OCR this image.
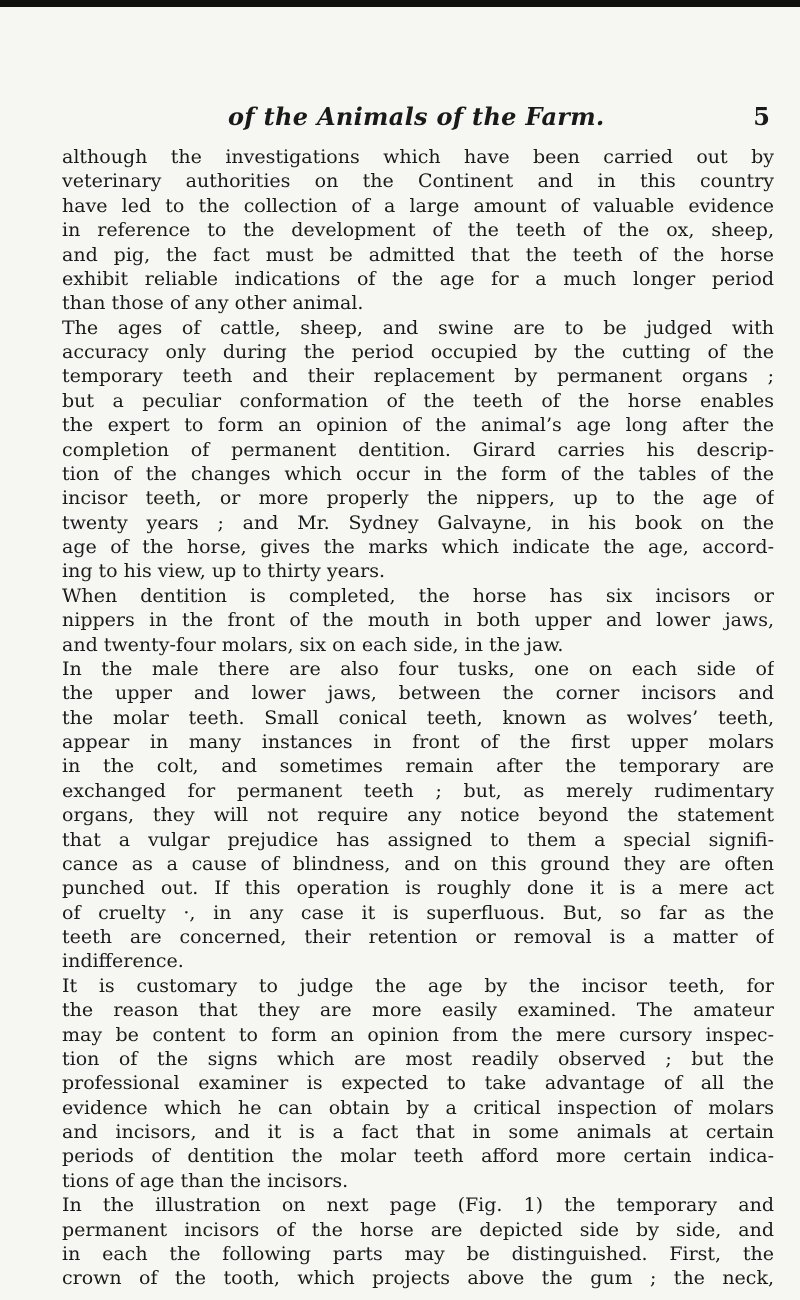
of the Animals of the Farm.	5
although the investigations which have been carried out by
veterinary authorities on the Continent and in this country
have led to the collection of a large amount of valuable evidence
in reference to the development of the teeth of the ox, sheep,
and pig, the fact must be admitted that the teeth of the horse
exhibit reliable indications of the age for a much longer period
than those of any other animal.
The ages of cattle, sheep, and swine are to be judged with
accuracy only during the period occupied by the cutting of the
temporary teeth and their replacement by permanent organs ;
but a peculiar conformation of the teeth of the horse enables
the expert to form an opinion of the animal’s age long after the
completion of permanent dentition. Girard carries his descrip-
tion of the changes which occur in the form of the tables of the
incisor teeth, or more properly the nippers, up to the age of
twenty years ; and Mr. Sydney Galvayne, in his book on the
age of the horse, gives the marks which indicate the age, accord-
ing to his view, up to thirty years.
When dentition is completed, the horse has six incisors or
nippers in the front of the mouth in both upper and lower jaws,
and twenty-four molars, six on each side, in the jaw.
In the male there are also four tusks, one on each side of
the upper and lower jaws, between the corner incisors and
the molar teeth. Small conical teeth, known as wolves’ teeth,
appear in many instances in front of the first upper molars
in the colt, and sometimes remain after the temporary are
exchanged for permanent teeth ; but, as merely rudimentary
organs, they will not require any notice beyond the statement
that a vulgar prejudice has assigned to them a special signifi-
cance as a cause of blindness, and on this ground they are often
punched out. If this operation is roughly done it is a mere act
of cruelty ·, in any case it is superfluous. But, so far as the
teeth are concerned, their retention or removal is a matter of
indifference.
It is customary to judge the age by the incisor teeth, for
the reason that they are more easily examined. The amateur
may be content to form an opinion from the mere cursory inspec-
tion of the signs which are most readily observed ; but the
professional examiner is expected to take advantage of all the
evidence which he can obtain by a critical inspection of molars
and incisors, and it is a fact that in some animals at certain
periods of dentition the molar teeth afford more certain indica-
tions of age than the incisors.
In the illustration on next page (Fig. 1) the temporary and
permanent incisors of the horse are depicted side by side, and
in each the following parts may be distinguished. First, the
crown of the tooth, which projects above the gum ; the neck,
